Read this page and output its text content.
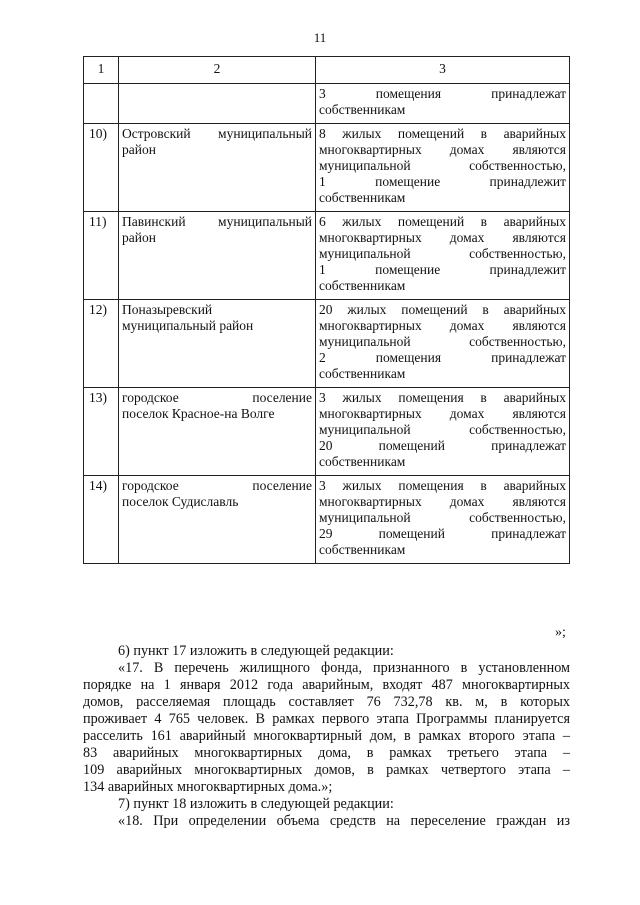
11
1	2	3

		3 помещения принадлежат
собственникам

10)	Островский муниципальный
район	8 жилых помещений в аварийных
многоквартирных домах являются
муниципальной собственностью,
1 помещение принадлежит
собственникам

11)	Павинский муниципальный
район	6 жилых помещений в аварийных
многоквартирных домах являются
муниципальной собственностью,
1 помещение принадлежит
собственникам

12)	Поназыревский
муниципальный район	20 жилых помещений в аварийных
многоквартирных домах являются
муниципальной собственностью,
2 помещения принадлежат
собственникам

13)	городское поселение
поселок Красное-на Волге	3 жилых помещения в аварийных
многоквартирных домах являются
муниципальной собственностью,
20 помещений принадлежат
собственникам

14)	городское поселение
поселок Судиславль	3 жилых помещения в аварийных
многоквартирных домах являются
муниципальной собственностью,
29 помещений принадлежат
собственникам
»;

6) пункт 17 изложить в следующей редакции:

«17. В перечень жилищного фонда, признанного в установленном
порядке на 1 января 2012 года аварийным, входят 487 многоквартирных
домов, расселяемая площадь составляет 76 732,78 кв. м, в которых
проживает 4 765 человек. В рамках первого этапа Программы планируется
расселить 161 аварийный многоквартирный дом, в рамках второго этапа –
83 аварийных многоквартирных дома, в рамках третьего этапа –
109 аварийных многоквартирных домов, в рамках четвертого этапа –
134 аварийных многоквартирных дома.»;

7) пункт 18 изложить в следующей редакции:

«18. При определении объема средств на переселение граждан из
